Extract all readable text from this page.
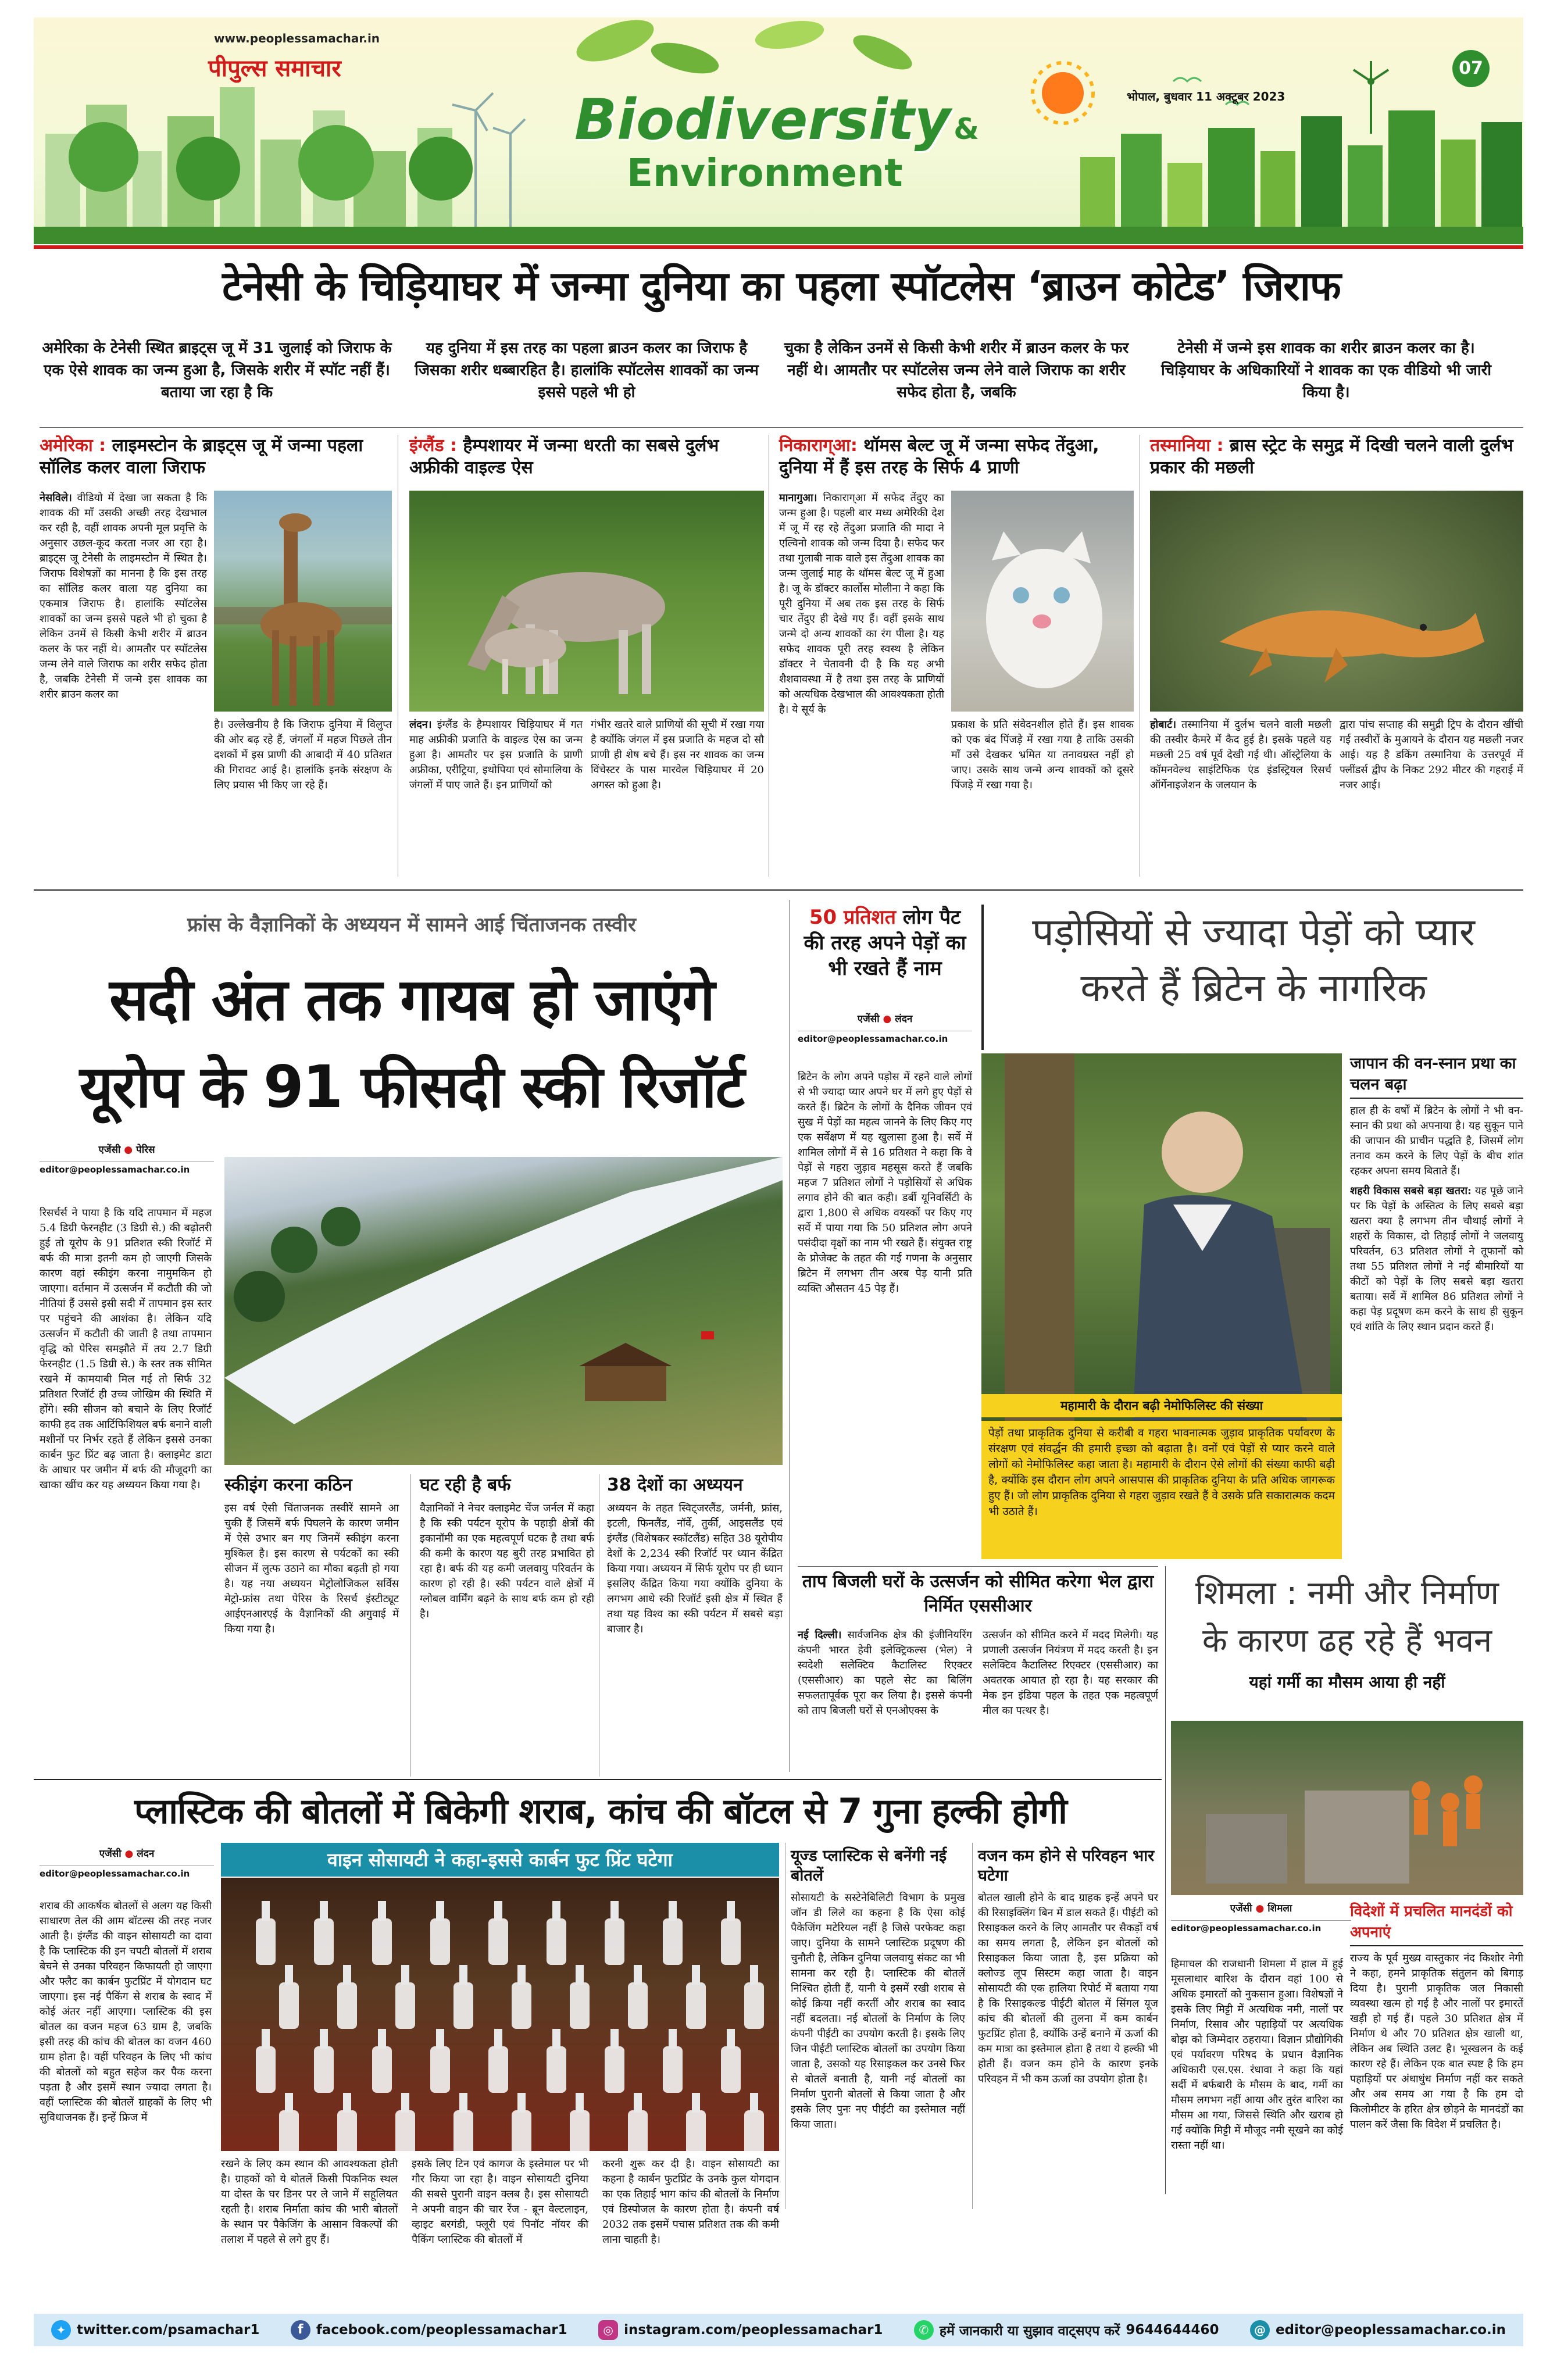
www.peoplessamachar.in
पीपुल्स समाचार
Biodiversity &
Environment
भोपाल, बुधवार 11 अक्टूबर 2023
07
टेनेसी के चिड़ियाघर में जन्मा दुनिया का पहला स्पॉटलेस ‘ब्राउन कोटेड’ जिराफ
अमेरिका के टेनेसी स्थित ब्राइट्स जू में 31 जुलाई को जिराफ के एक ऐसे शावक का जन्म हुआ है, जिसके शरीर में स्पॉट नहीं हैं। बताया जा रहा है कि
यह दुनिया में इस तरह का पहला ब्राउन कलर का जिराफ है जिसका शरीर धब्बारहित है। हालांकि स्पॉटलेस शावकों का जन्म इससे पहले भी हो
चुका है लेकिन उनमें से किसी केभी शरीर में ब्राउन कलर के फर नहीं थे। आमतौर पर स्पॉटलेस जन्म लेने वाले जिराफ का शरीर सफेद होता है, जबकि
टेनेसी में जन्मे इस शावक का शरीर ब्राउन कलर का है। चिड़ियाघर के अधिकारियों ने शावक का एक वीडियो भी जारी किया है।
अमेरिका : लाइमस्टोन के ब्राइट्स जू में जन्मा पहला सॉलिड कलर वाला जिराफ
नेसविले। वीडियो में देखा जा सकता है कि शावक की माँ उसकी अच्छी तरह देखभाल कर रही है, वहीं शावक अपनी मूल प्रवृत्ति के अनुसार उछल-कूद करता नजर आ रहा है। ब्राइट्स जू टेनेसी के लाइमस्टोन में स्थित है। जिराफ विशेषज्ञों का मानना है कि इस तरह का सॉलिड कलर वाला यह दुनिया का एकमात्र जिराफ है। हालांकि स्पॉटलेस शावकों का जन्म इससे पहले भी हो चुका है लेकिन उनमें से किसी केभी शरीर में ब्राउन कलर के फर नहीं थे। आमतौर पर स्पॉटलेस जन्म लेने वाले जिराफ का शरीर सफेद होता है, जबकि टेनेसी में जन्मे इस शावक का शरीर ब्राउन कलर का
है। उल्लेखनीय है कि जिराफ दुनिया में विलुप्त की ओर बढ़ रहे हैं, जंगलों में महज पिछले तीन दशकों में इस प्राणी की आबादी में 40 प्रतिशत की गिरावट आई है। हालांकि इनके संरक्षण के लिए प्रयास भी किए जा रहे हैं।
इंग्लैंड : हैम्पशायर में जन्मा धरती का सबसे दुर्लभ अफ्रीकी वाइल्ड ऐस
लंदन। इंग्लैंड के हैम्पशायर चिड़ियाघर में गत माह अफ्रीकी प्रजाति के वाइल्ड ऐस का जन्म हुआ है। आमतौर पर इस प्रजाति के प्राणी अफ्रीका, एरीट्रिया, इथोपिया एवं सोमालिया के जंगलों में पाए जाते हैं। इन प्राणियों को
गंभीर खतरे वाले प्राणियों की सूची में रखा गया है क्योंकि जंगल में इस प्रजाति के महज दो सौ प्राणी ही शेष बचे हैं। इस नर शावक का जन्म विंचेस्टर के पास मारवेल चिड़ियाघर में 20 अगस्त को हुआ है।
निकाराग्आ: थॉमस बेल्ट जू में जन्मा सफेद तेंदुआ, दुनिया में हैं इस तरह के सिर्फ 4 प्राणी
मानागुआ। निकाराग्आ में सफेद तेंदुए का जन्म हुआ है। पहली बार मध्य अमेरिकी देश में जू में रह रहे तेंदुआ प्रजाति की मादा ने एल्विनो शावक को जन्म दिया है। सफेद फर तथा गुलाबी नाक वाले इस तेंदुआ शावक का जन्म जुलाई माह के थॉमस बेल्ट जू में हुआ है। जू के डॉक्टर कार्लोस मोलीना ने कहा कि पूरी दुनिया में अब तक इस तरह के सिर्फ चार तेंदुए ही देखे गए हैं। वहीं इसके साथ जन्मे दो अन्य शावकों का रंग पीला है। यह सफेद शावक पूरी तरह स्वस्थ है लेकिन डॉक्टर ने चेतावनी दी है कि यह अभी शैशवावस्था में है तथा इस तरह के प्राणियों को अत्यधिक देखभाल की आवश्यकता होती है। ये सूर्य के
प्रकाश के प्रति संवेदनशील होते हैं। इस शावक को एक बंद पिंजड़े में रखा गया है ताकि उसकी माँ उसे देखकर भ्रमित या तनावग्रस्त नहीं हो जाए। उसके साथ जन्मे अन्य शावकों को दूसरे पिंजड़े में रखा गया है।
तस्मानिया : ब्रास स्ट्रेट के समुद्र में दिखी चलने वाली दुर्लभ प्रकार की मछली
होबार्ट। तस्मानिया में दुर्लभ चलने वाली मछली की तस्वीर कैमरे में कैद हुई है। इसके पहले यह मछली 25 वर्ष पूर्व देखी गई थी। ऑस्ट्रेलिया के कॉमनवेल्थ साइंटिफिक एंड इंडस्ट्रियल रिसर्च ऑर्गेनाइजेशन के जलयान के
द्वारा पांच सप्ताह की समुद्री ट्रिप के दौरान खींची गई तस्वीरों के मुआयने के दौरान यह मछली नजर आई। यह है डकिंग तस्मानिया के उत्तरपूर्व में फ्लींडर्स द्वीप के निकट 292 मीटर की गहराई में नजर आई।
फ्रांस के वैज्ञानिकों के अध्ययन में सामने आई चिंताजनक तस्वीर
सदी अंत तक गायब हो जाएंगे
यूरोप के 91 फीसदी स्की रिजॉर्ट
एजेंसी ● पेरिस
editor@peoplessamachar.co.in
रिसर्चर्स ने पाया है कि यदि तापमान में महज 5.4 डिग्री फेरनहीट (3 डिग्री से.) की बढ़ोतरी हुई तो यूरोप के 91 प्रतिशत स्की रिजॉर्ट में बर्फ की मात्रा इतनी कम हो जाएगी जिसके कारण वहां स्कीइंग करना नामुमकिन हो जाएगा। वर्तमान में उत्सर्जन में कटौती की जो नीतियां हैं उससे इसी सदी में तापमान इस स्तर पर पहुंचने की आशंका है। लेकिन यदि उत्सर्जन में कटौती की जाती है तथा तापमान वृद्धि को पेरिस समझौते में तय 2.7 डिग्री फेरनहीट (1.5 डिग्री से.) के स्तर तक सीमित रखने में कामयाबी मिल गई तो सिर्फ 32 प्रतिशत रिजॉर्ट ही उच्च जोखिम की स्थिति में होंगे। स्की सीजन को बचाने के लिए रिजॉर्ट काफी हद तक आर्टिफिशियल बर्फ बनाने वाली मशीनों पर निर्भर रहते हैं लेकिन इससे उनका कार्बन फुट प्रिंट बढ़ जाता है। क्लाइमेट डाटा के आधार पर जमीन में बर्फ की मौजूदगी का खाका खींच कर यह अध्ययन किया गया है।	स्कीइंग करना कठिन
इस वर्ष ऐसी चिंताजनक तस्वीरें सामने आ चुकी हैं जिसमें बर्फ पिघलने के कारण जमीन में ऐसे उभार बन गए जिनमें स्कीइंग करना मुश्किल है। इस कारण से पर्यटकों का स्की सीजन में लुत्फ उठाने का मौका बढ़ती हो गया है। यह नया अध्ययन मेट्रोलोजिकल सर्विस मेट्रो-फ्रांस तथा पेरिस के रिसर्च इंस्टीट्यूट आईएनआरएई के वैज्ञानिकों की अगुवाई में किया गया है।
घट रही है बर्फ
वैज्ञानिकों ने नेचर क्लाइमेट चेंज जर्नल में कहा है कि स्की पर्यटन यूरोप के पहाड़ी क्षेत्रों की इकानॉमी का एक महत्वपूर्ण घटक है तथा बर्फ की कमी के कारण यह बुरी तरह प्रभावित हो रहा है। बर्फ की यह कमी जलवायु परिवर्तन के कारण हो रही है। स्की पर्यटन वाले क्षेत्रों में ग्लोबल वार्मिंग बढ़ने के साथ बर्फ कम हो रही है।
38 देशों का अध्ययन
अध्ययन के तहत स्विट्जरलैंड, जर्मनी, फ्रांस, इटली, फिनलैंड, नॉर्वे, तुर्की, आइसलैंड एवं इंग्लैंड (विशेषकर स्कॉटलैंड) सहित 38 यूरोपीय देशों के 2,234 स्की रिजॉर्ट पर ध्यान केंद्रित किया गया। अध्ययन में सिर्फ यूरोप पर ही ध्यान इसलिए केंद्रित किया गया क्योंकि दुनिया के लगभग आधे स्की रिजॉर्ट इसी क्षेत्र में स्थित हैं तथा यह विश्व का स्की पर्यटन में सबसे बड़ा बाजार है।
50 प्रतिशत लोग पैट की तरह अपने पेड़ों का भी रखते हैं नाम
एजेंसी ● लंदन
editor@peoplessamachar.co.in
ब्रिटेन के लोग अपने पड़ोस में रहने वाले लोगों से भी ज्यादा प्यार अपने घर में लगे हुए पेड़ों से करते हैं। ब्रिटेन के लोगों के दैनिक जीवन एवं सुख में पेड़ों का महत्व जानने के लिए किए गए एक सर्वेक्षण में यह खुलासा हुआ है। सर्वे में शामिल लोगों में से 16 प्रतिशत ने कहा कि वे पेड़ों से गहरा जुड़ाव महसूस करते हैं जबकि महज 7 प्रतिशत लोगों ने पड़ोसियों से अधिक लगाव होने की बात कही। डर्बी यूनिवर्सिटी के द्वारा 1,800 से अधिक वयस्कों पर किए गए सर्वे में पाया गया कि 50 प्रतिशत लोग अपने पसंदीदा वृक्षों का नाम भी रखते हैं। संयुक्त राष्ट्र के प्रोजेक्ट के तहत की गई गणना के अनुसार ब्रिटेन में लगभग तीन अरब पेड़ यानी प्रति व्यक्ति औसतन 45 पेड़ हैं।
पड़ोसियों से ज्यादा पेड़ों को प्यार
करते हैं ब्रिटेन के नागरिक
महामारी के दौरान बढ़ी नेमोफिलिस्ट की संख्या
पेड़ों तथा प्राकृतिक दुनिया से करीबी व गहरा भावनात्मक जुड़ाव प्राकृतिक पर्यावरण के संरक्षण एवं संवर्द्धन की हमारी इच्छा को बढ़ाता है। वनों एवं पेड़ों से प्यार करने वाले लोगों को नेमोफिलिस्ट कहा जाता है। महामारी के दौरान ऐसे लोगों की संख्या काफी बढ़ी है, क्योंकि इस दौरान लोग अपने आसपास की प्राकृतिक दुनिया के प्रति अधिक जागरूक हुए हैं। जो लोग प्राकृतिक दुनिया से गहरा जुड़ाव रखते हैं वे उसके प्रति सकारात्मक कदम भी उठाते हैं।
जापान की वन-स्नान प्रथा का चलन बढ़ा
हाल ही के वर्षों में ब्रिटेन के लोगों ने भी वन-स्नान की प्रथा को अपनाया है। यह सुकून पाने की जापान की प्राचीन पद्धति है, जिसमें लोग तनाव कम करने के लिए पेड़ों के बीच शांत रहकर अपना समय बिताते हैं।
शहरी विकास सबसे बड़ा खतरा: यह पूछे जाने पर कि पेड़ों के अस्तित्व के लिए सबसे बड़ा खतरा क्या है लगभग तीन चौथाई लोगों ने शहरों के विकास, दो तिहाई लोगों ने जलवायु परिवर्तन, 63 प्रतिशत लोगों ने तूफानों को तथा 55 प्रतिशत लोगों ने नई बीमारियों या कीटों को पेड़ों के लिए सबसे बड़ा खतरा बताया। सर्वे में शामिल 86 प्रतिशत लोगों ने कहा पेड़ प्रदूषण कम करने के साथ ही सुकून एवं शांति के लिए स्थान प्रदान करते हैं।
ताप बिजली घरों के उत्सर्जन को सीमित करेगा भेल द्वारा निर्मित एससीआर
नई दिल्ली। सार्वजनिक क्षेत्र की इंजीनियरिंग कंपनी भारत हेवी इलेक्ट्रिकल्स (भेल) ने स्वदेशी सलेक्टिव कैटालिस्ट रिएक्टर (एससीआर) का पहले सेट का बिलिंग सफलतापूर्वक पूरा कर लिया है। इससे कंपनी को ताप बिजली घरों से एनओएक्स के
उत्सर्जन को सीमित करने में मदद मिलेगी। यह प्रणाली उत्सर्जन नियंत्रण में मदद करती है। इन सलेक्टिव कैटालिस्ट रिएक्टर (एससीआर) का अवतरक आयात हो रहा है। यह सरकार की मेक इन इंडिया पहल के तहत एक महत्वपूर्ण मील का पत्थर है।
शिमला : नमी और निर्माण
के कारण ढह रहे हैं भवन
यहां गर्मी का मौसम आया ही नहीं
एजेंसी ● शिमला
editor@peoplessamachar.co.in
हिमाचल की राजधानी शिमला में हाल में हुई मूसलाधार बारिश के दौरान वहां 100 से अधिक इमारतों को नुकसान हुआ। विशेषज्ञों ने इसके लिए मिट्टी में अत्यधिक नमी, नालों पर निर्माण, रिसाव और पहाड़ियों पर अत्यधिक बोझ को जिम्मेदार ठहराया। विज्ञान प्रौद्योगिकी एवं पर्यावरण परिषद के प्रधान वैज्ञानिक अधिकारी एस.एस. रंधावा ने कहा कि यहां सर्दी में बर्फबारी के मौसम के बाद, गर्मी का मौसम लगभग नहीं आया और तुरंत बारिश का मौसम आ गया, जिससे स्थिति और खराब हो गई क्योंकि मिट्टी में मौजूद नमी सूखने का कोई रास्ता नहीं था।
विदेशों में प्रचलित मानदंडों को अपनाएं
राज्य के पूर्व मुख्य वास्तुकार नंद किशोर नेगी ने कहा, हमने प्राकृतिक संतुलन को बिगाड़ दिया है। पुरानी प्राकृतिक जल निकासी व्यवस्था खत्म हो गई है और नालों पर इमारतें खड़ी हो गई हैं। पहले 30 प्रतिशत क्षेत्र में निर्माण थे और 70 प्रतिशत क्षेत्र खाली था, लेकिन अब स्थिति उलट है। भूस्खलन के कई कारण रहे हैं। लेकिन एक बात स्पष्ट है कि हम पहाड़ियों पर अंधाधुंध निर्माण नहीं कर सकते और अब समय आ गया है कि हम दो किलोमीटर के हरित क्षेत्र छोड़ने के मानदंडों का पालन करें जैसा कि विदेश में प्रचलित है।
प्लास्टिक की बोतलों में बिकेगी शराब, कांच की बॉटल से 7 गुना हल्की होगी
एजेंसी ● लंदन
editor@peoplessamachar.co.in
शराब की आकर्षक बोतलों से अलग यह किसी साधारण तेल की आम बॉटल्स की तरह नजर आती है। इंग्लैंड की वाइन सोसायटी का दावा है कि प्लास्टिक की इन चपटी बोतलों में शराब बेचने से उनका परिवहन किफायती हो जाएगा और फ्लैट का कार्बन फुटप्रिंट में योगदान घट जाएगा। इस नई पैकिंग से शराब के स्वाद में कोई अंतर नहीं आएगा। प्लास्टिक की इस बोतल का वजन महज 63 ग्राम है, जबकि इसी तरह की कांच की बोतल का वजन 460 ग्राम होता है। वहीं परिवहन के लिए भी कांच की बोतलों को बहुत सहेज कर पैक करना पड़ता है और इसमें स्थान ज्यादा लगता है। वहीं प्लास्टिक की बोतलें ग्राहकों के लिए भी सुविधाजनक हैं। इन्हें फ्रिज में
वाइन सोसायटी ने कहा-इससे कार्बन फुट प्रिंट घटेगा
रखने के लिए कम स्थान की आवश्यकता होती है। ग्राहकों को ये बोतलें किसी पिकनिक स्थल या दोस्त के घर डिनर पर ले जाने में सहूलियत रहती है। शराब निर्माता कांच की भारी बोतलों के स्थान पर पैकेजिंग के आसान विकल्पों की तलाश में पहले से लगे हुए हैं।
इसके लिए टिन एवं कागज के इस्तेमाल पर भी गौर किया जा रहा है। वाइन सोसायटी दुनिया की सबसे पुरानी वाइन क्लब है। इस सोसायटी ने अपनी वाइन की चार रेंज - ब्रून वेल्टलाइन, व्हाइट बरगंडी, फ्लूरी एवं पिनॉट नॉयर की पैकिंग प्लास्टिक की बोतलों में
करनी शुरू कर दी है। वाइन सोसायटी का कहना है कार्बन फुटप्रिंट के उनके कुल योगदान का एक तिहाई भाग कांच की बोतलों के निर्माण एवं डिस्पोजल के कारण होता है। कंपनी वर्ष 2032 तक इसमें पचास प्रतिशत तक की कमी लाना चाहती है।
यूज्ड प्लास्टिक से बनेंगी नई बोतलें
सोसायटी के सस्टेनेबिलिटी विभाग के प्रमुख जॉन डी लिले का कहना है कि ऐसा कोई पैकेजिंग मटेरियल नहीं है जिसे परफेक्ट कहा जाए। दुनिया के सामने प्लास्टिक प्रदूषण की चुनौती है, लेकिन दुनिया जलवायु संकट का भी सामना कर रही है। प्लास्टिक की बोतलें निश्चित होती हैं, यानी ये इसमें रखी शराब से कोई क्रिया नहीं करतीं और शराब का स्वाद नहीं बदलता। नई बोतलों के निर्माण के लिए कंपनी पीईटी का उपयोग करती है। इसके लिए जिन पीईटी प्लास्टिक बोतलों का उपयोग किया जाता है, उसको यह रिसाइकल कर उनसे फिर से बोतलें बनाती है, यानी नई बोतलों का निर्माण पुरानी बोतलों से किया जाता है और इसके लिए पुनः नए पीईटी का इस्तेमाल नहीं किया जाता।
वजन कम होने से परिवहन भार घटेगा
बोतल खाली होने के बाद ग्राहक इन्हें अपने घर की रिसाइक्लिंग बिन में डाल सकते हैं। पीईटी को रिसाइकल करने के लिए आमतौर पर सैकड़ों वर्ष का समय लगता है, लेकिन इन बोतलों को रिसाइकल किया जाता है, इस प्रक्रिया को क्लोज्ड लूप सिस्टम कहा जाता है। वाइन सोसायटी की एक हालिया रिपोर्ट में बताया गया है कि रिसाइकल्ड पीईटी बोतल में सिंगल यूज कांच की बोतलों की तुलना में कम कार्बन फुटप्रिंट होता है, क्योंकि उन्हें बनाने में ऊर्जा की कम मात्रा का इस्तेमाल होता है तथा ये हल्की भी होती हैं। वजन कम होने के कारण इनके परिवहन में भी कम ऊर्जा का उपयोग होता है।
✦ twitter.com/psamachar1	f facebook.com/peoplessamachar1	◎ instagram.com/peoplessamachar1	✆ हमें जानकारी या सुझाव वाट्सएप करें 9644644460	@ editor@peoplessamachar.co.in
